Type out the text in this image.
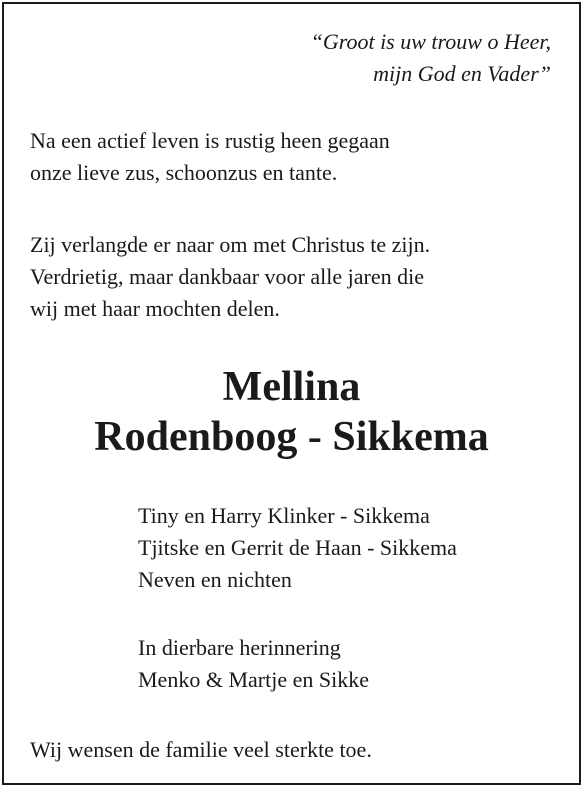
“Groot is uw trouw o Heer,
mijn God en Vader”
Na een actief leven is rustig heen gegaan
onze lieve zus, schoonzus en tante.
Zij verlangde er naar om met Christus te zijn.
Verdrietig, maar dankbaar voor alle jaren die
wij met haar mochten delen.
Mellina
Rodenboog - Sikkema
Tiny en Harry Klinker - Sikkema
Tjitske en Gerrit de Haan - Sikkema
Neven en nichten
In dierbare herinnering
Menko & Martje en Sikke
Wij wensen de familie veel sterkte toe.
